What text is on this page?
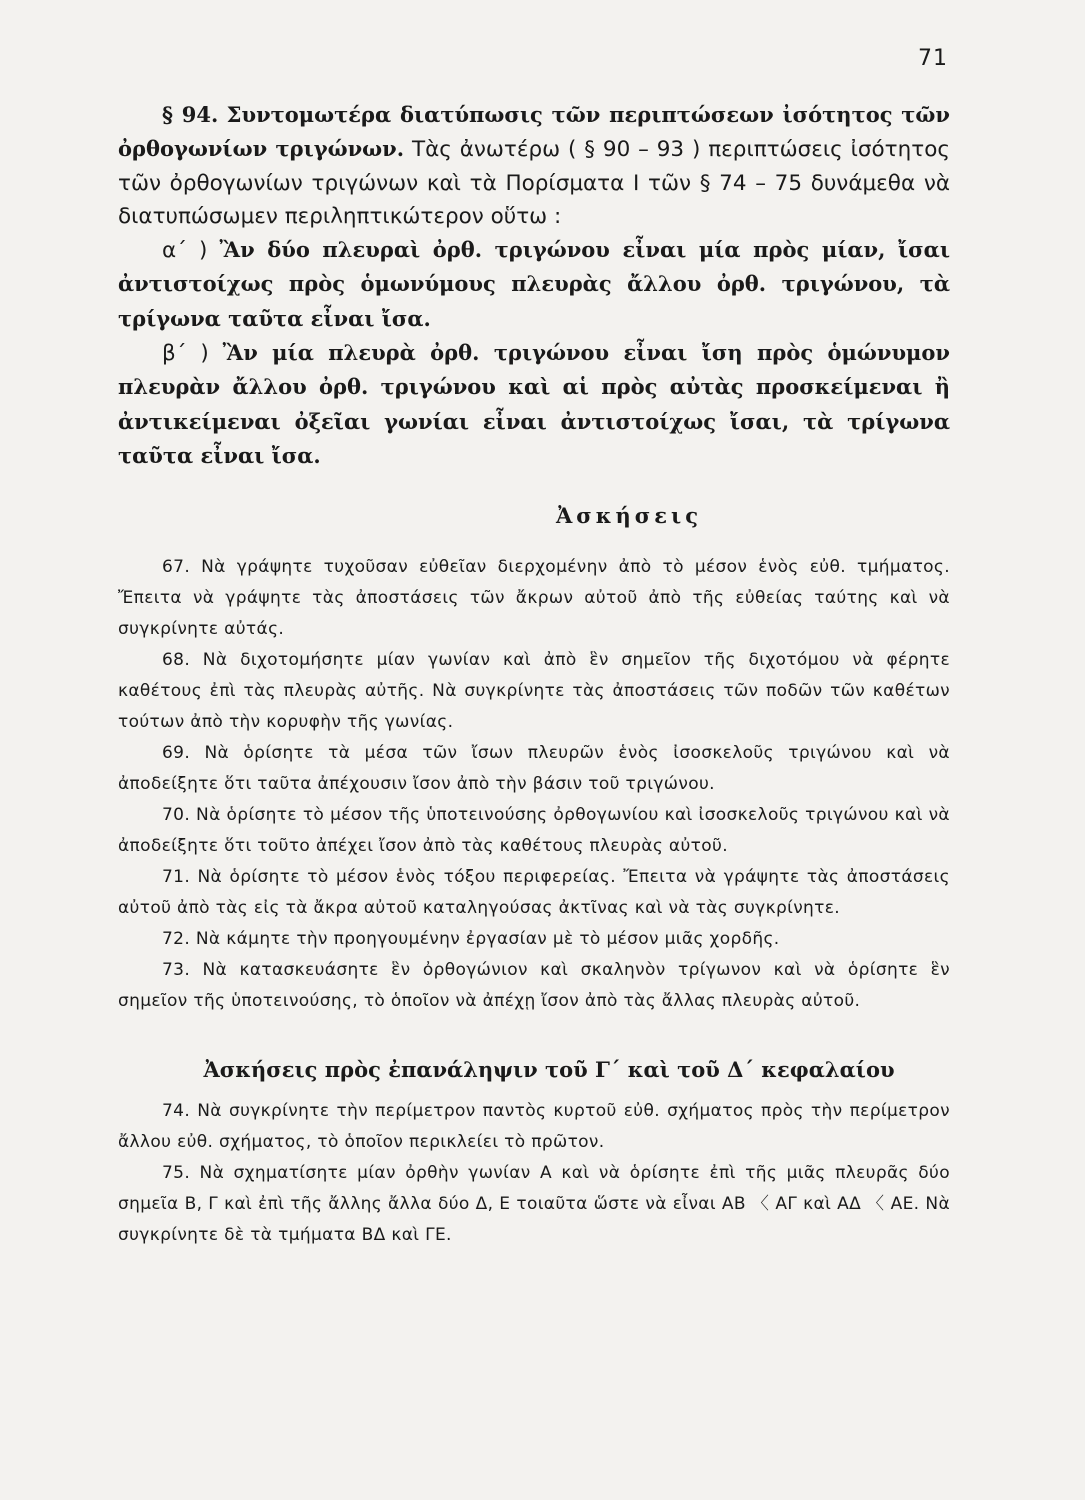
71

§ 94. Συντομωτέρα διατύπωσις τῶν περιπτώσεων ἰσότητος τῶν ὀρθογωνίων τριγώνων. Τὰς ἀνωτέρω ( § 90 – 93 ) περιπτώσεις ἰσότητος τῶν ὀρθογωνίων τριγώνων καὶ τὰ Πορίσματα Ι τῶν § 74 – 75 δυνάμεθα νὰ διατυπώσωμεν περιληπτικώτερον οὕτω :

α΄ ) Ἂν δύο πλευραὶ ὀρθ. τριγώνου εἶναι μία πρὸς μίαν, ἴσαι ἀντιστοίχως πρὸς ὁμωνύμους πλευρὰς ἄλλου ὀρθ. τριγώνου, τὰ τρίγωνα ταῦτα εἶναι ἴσα.

β΄ ) Ἂν μία πλευρὰ ὀρθ. τριγώνου εἶναι ἴση πρὸς ὁμώνυμον πλευρὰν ἄλλου ὀρθ. τριγώνου καὶ αἱ πρὸς αὐτὰς προσκείμεναι ἢ ἀντικείμεναι ὀξεῖαι γωνίαι εἶναι ἀντιστοίχως ἴσαι, τὰ τρίγωνα ταῦτα εἶναι ἴσα.

Ἀσκήσεις

67. Νὰ γράψητε τυχοῦσαν εὐθεῖαν διερχομένην ἀπὸ τὸ μέσον ἑνὸς εὐθ. τμήματος. Ἔπειτα νὰ γράψητε τὰς ἀποστάσεις τῶν ἄκρων αὐτοῦ ἀπὸ τῆς εὐθείας ταύτης καὶ νὰ συγκρίνητε αὐτάς.

68. Νὰ διχοτομήσητε μίαν γωνίαν καὶ ἀπὸ ἓν σημεῖον τῆς διχοτόμου νὰ φέρητε καθέτους ἐπὶ τὰς πλευρὰς αὐτῆς. Νὰ συγκρίνητε τὰς ἀποστάσεις τῶν ποδῶν τῶν καθέτων τούτων ἀπὸ τὴν κορυφὴν τῆς γωνίας.

69. Νὰ ὁρίσητε τὰ μέσα τῶν ἴσων πλευρῶν ἑνὸς ἰσοσκελοῦς τριγώνου καὶ νὰ ἀποδείξητε ὅτι ταῦτα ἀπέχουσιν ἴσον ἀπὸ τὴν βάσιν τοῦ τριγώνου.

70. Νὰ ὁρίσητε τὸ μέσον τῆς ὑποτεινούσης ὀρθογωνίου καὶ ἰσοσκελοῦς τριγώνου καὶ νὰ ἀποδείξητε ὅτι τοῦτο ἀπέχει ἴσον ἀπὸ τὰς καθέτους πλευρὰς αὐτοῦ.

71. Νὰ ὁρίσητε τὸ μέσον ἑνὸς τόξου περιφερείας. Ἔπειτα νὰ γράψητε τὰς ἀποστάσεις αὐτοῦ ἀπὸ τὰς εἰς τὰ ἄκρα αὐτοῦ καταληγούσας ἀκτῖνας καὶ νὰ τὰς συγκρίνητε.

72. Νὰ κάμητε τὴν προηγουμένην ἐργασίαν μὲ τὸ μέσον μιᾶς χορδῆς.

73. Νὰ κατασκευάσητε ἓν ὀρθογώνιον καὶ σκαληνὸν τρίγωνον καὶ νὰ ὁρίσητε ἓν σημεῖον τῆς ὑποτεινούσης, τὸ ὁποῖον νὰ ἀπέχῃ ἴσον ἀπὸ τὰς ἄλλας πλευρὰς αὐτοῦ.

Ἀσκήσεις πρὸς ἐπανάληψιν τοῦ Γ΄ καὶ τοῦ Δ΄ κεφαλαίου

74. Νὰ συγκρίνητε τὴν περίμετρον παντὸς κυρτοῦ εὐθ. σχήματος πρὸς τὴν περίμετρον ἄλλου εὐθ. σχήματος, τὸ ὁποῖον περικλείει τὸ πρῶτον.

75. Νὰ σχηματίσητε μίαν ὀρθὴν γωνίαν Α καὶ νὰ ὁρίσητε ἐπὶ τῆς μιᾶς πλευρᾶς δύο σημεῖα Β, Γ καὶ ἐπὶ τῆς ἄλλης ἄλλα δύο Δ, Ε τοιαῦτα ὥστε νὰ εἶναι ΑΒ 〈 ΑΓ καὶ ΑΔ 〈 ΑΕ. Νὰ συγκρίνητε δὲ τὰ τμήματα ΒΔ καὶ ΓΕ.
